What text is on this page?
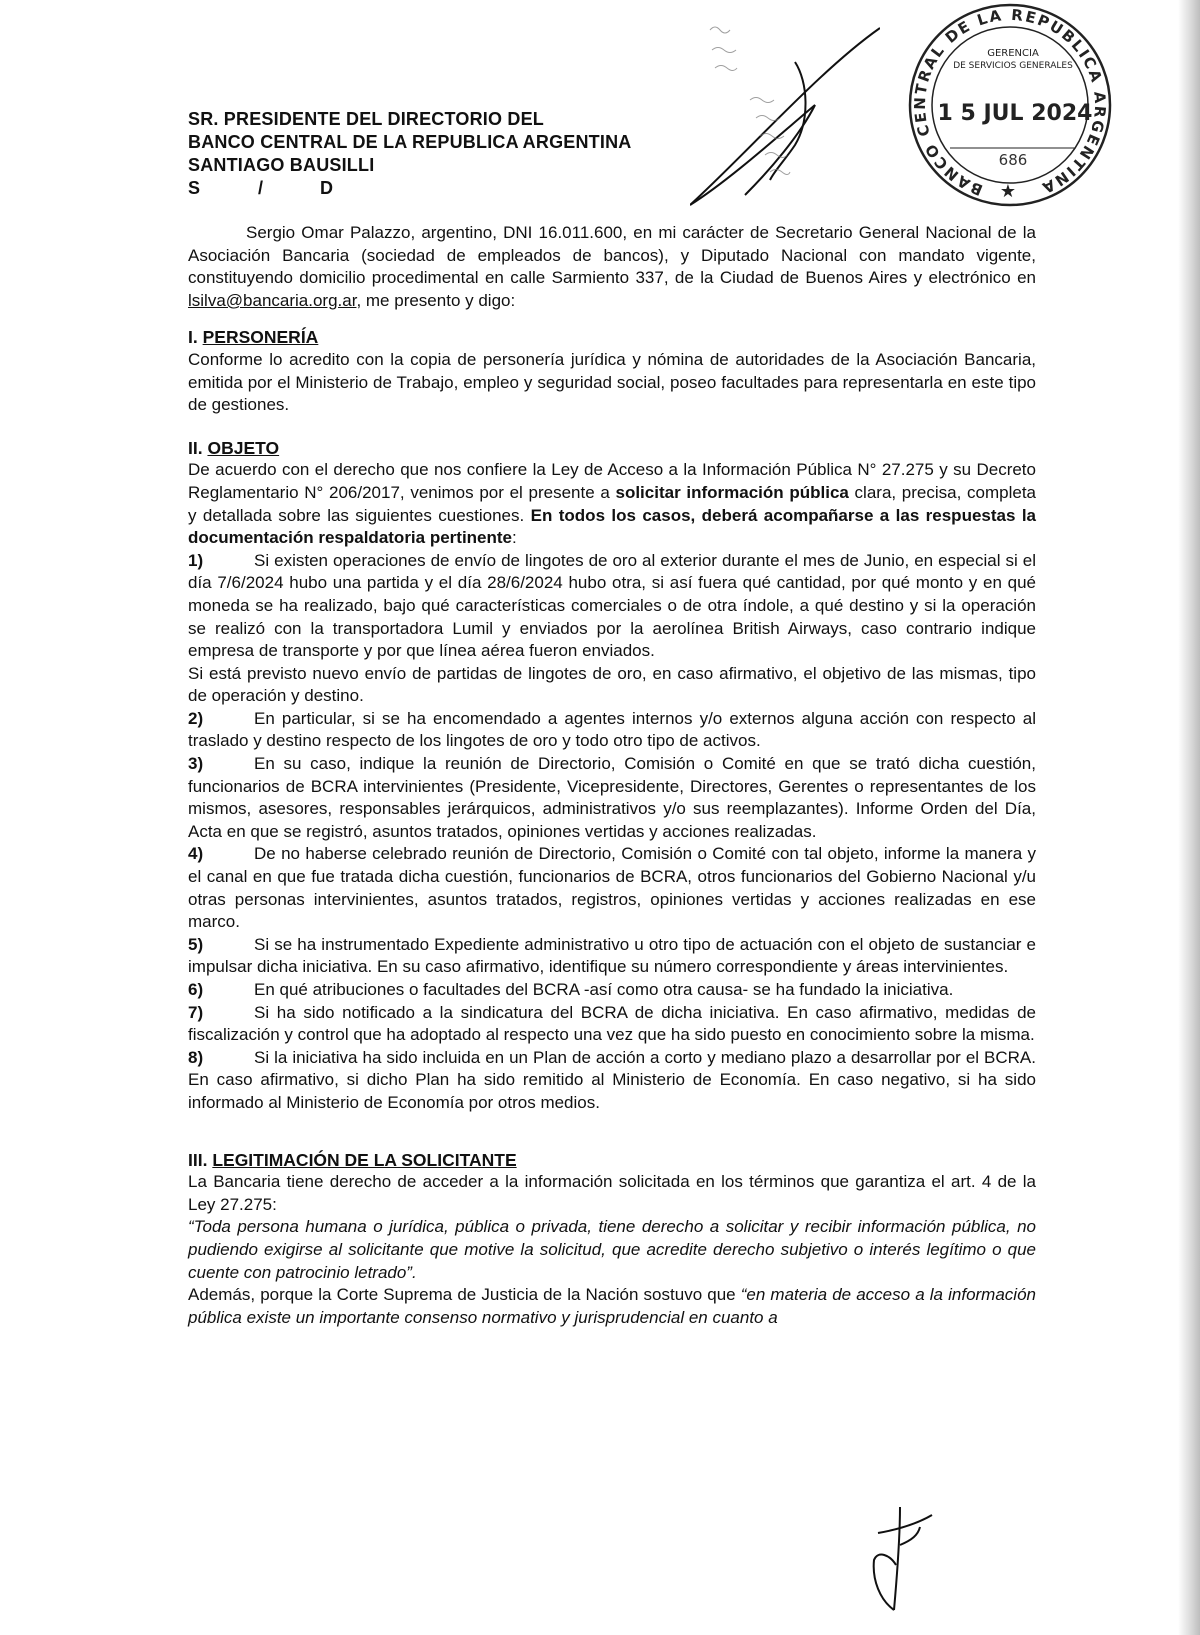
BANCO CENTRAL DE LA REPUBLICA ARGENTINA
GERENCIA
DE SERVICIOS GENERALES
1 5 JUL 2024
686
★
SR. PRESIDENTE DEL DIRECTORIO DEL
BANCO CENTRAL DE LA REPUBLICA ARGENTINA
SANTIAGO BAUSILLI
S	/	D

Sergio Omar Palazzo, argentino, DNI 16.011.600, en mi carácter de Secretario General Nacional de la Asociación Bancaria (sociedad de empleados de bancos), y Diputado Nacional con mandato vigente, constituyendo domicilio procedimental en calle Sarmiento 337, de la Ciudad de Buenos Aires y electrónico en lsilva@bancaria.org.ar, me presento y digo:

I. PERSONERÍA

Conforme lo acredito con la copia de personería jurídica y nómina de autoridades de la Asociación Bancaria, emitida por el Ministerio de Trabajo, empleo y seguridad social, poseo facultades para representarla en este tipo de gestiones.

II. OBJETO

De acuerdo con el derecho que nos confiere la Ley de Acceso a la Información Pública N° 27.275 y su Decreto Reglamentario N° 206/2017, venimos por el presente a solicitar información pública clara, precisa, completa y detallada sobre las siguientes cuestiones. En todos los casos, deberá acompañarse a las respuestas la documentación respaldatoria pertinente:

1)	Si existen operaciones de envío de lingotes de oro al exterior durante el mes de Junio, en especial si el día 7/6/2024 hubo una partida y el día 28/6/2024 hubo otra, si así fuera qué cantidad, por qué monto y en qué moneda se ha realizado, bajo qué características comerciales o de otra índole, a qué destino y si la operación se realizó con la transportadora Lumil y enviados por la aerolínea British Airways, caso contrario indique empresa de transporte y por que línea aérea fueron enviados.

Si está previsto nuevo envío de partidas de lingotes de oro, en caso afirmativo, el objetivo de las mismas, tipo de operación y destino.

2)	En particular, si se ha encomendado a agentes internos y/o externos alguna acción con respecto al traslado y destino respecto de los lingotes de oro y todo otro tipo de activos.

3)	En su caso, indique la reunión de Directorio, Comisión o Comité en que se trató dicha cuestión, funcionarios de BCRA intervinientes (Presidente, Vicepresidente, Directores, Gerentes o representantes de los mismos, asesores, responsables jerárquicos, administrativos y/o sus reemplazantes). Informe Orden del Día, Acta en que se registró, asuntos tratados, opiniones vertidas y acciones realizadas.

4)	De no haberse celebrado reunión de Directorio, Comisión o Comité con tal objeto, informe la manera y el canal en que fue tratada dicha cuestión, funcionarios de BCRA, otros funcionarios del Gobierno Nacional y/u otras personas intervinientes, asuntos tratados, registros, opiniones vertidas y acciones realizadas en ese marco.

5)	Si se ha instrumentado Expediente administrativo u otro tipo de actuación con el objeto de sustanciar e impulsar dicha iniciativa. En su caso afirmativo, identifique su número correspondiente y áreas intervinientes.

6)	En qué atribuciones o facultades del BCRA -así como otra causa- se ha fundado la iniciativa.

7)	Si ha sido notificado a la sindicatura del BCRA de dicha iniciativa. En caso afirmativo, medidas de fiscalización y control que ha adoptado al respecto una vez que ha sido puesto en conocimiento sobre la misma.

8)	Si la iniciativa ha sido incluida en un Plan de acción a corto y mediano plazo a desarrollar por el BCRA. En caso afirmativo, si dicho Plan ha sido remitido al Ministerio de Economía. En caso negativo, si ha sido informado al Ministerio de Economía por otros medios.

III. LEGITIMACIÓN DE LA SOLICITANTE

La Bancaria tiene derecho de acceder a la información solicitada en los términos que garantiza el art. 4 de la Ley 27.275:

“Toda persona humana o jurídica, pública o privada, tiene derecho a solicitar y recibir información pública, no pudiendo exigirse al solicitante que motive la solicitud, que acredite derecho subjetivo o interés legítimo o que cuente con patrocinio letrado”.

Además, porque la Corte Suprema de Justicia de la Nación sostuvo que “en materia de acceso a la información pública existe un importante consenso normativo y jurisprudencial en cuanto a
